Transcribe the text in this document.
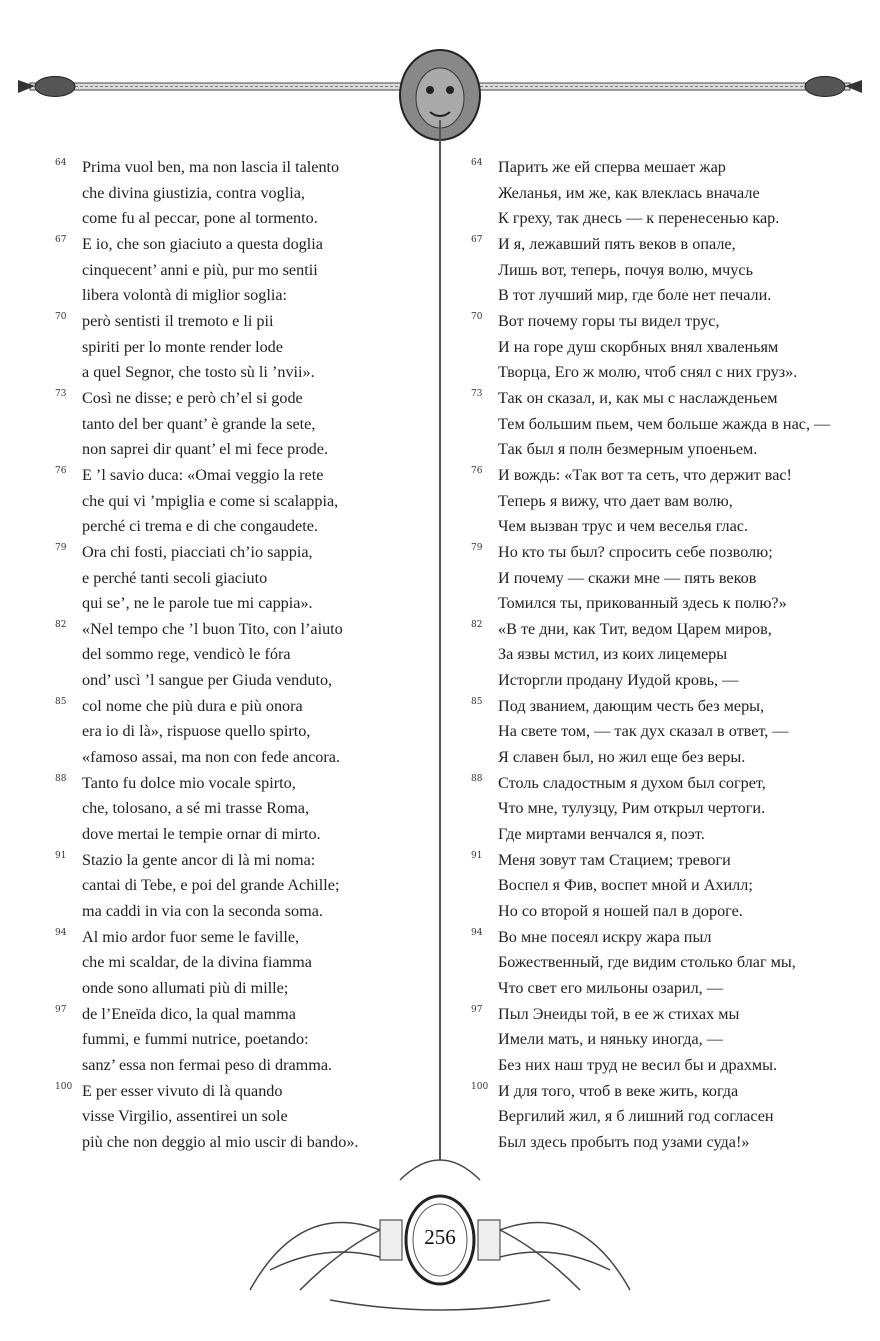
64 Prima vuol ben, ma non lascia il talento
che divina giustizia, contra voglia,
come fu al peccar, pone al tormento.
67 E io, che son giaciuto a questa doglia
cinquecent’ anni e più, pur mo sentii
libera volontà di miglior soglia:
70 però sentisti il tremoto e li pii
spiriti per lo monte render lode
a quel Segnor, che tosto sù li ’nvii».
73 Così ne disse; e però ch’el si gode
tanto del ber quant’ è grande la sete,
non saprei dir quant’ el mi fece prode.
76 E ’l savio duca: «Omai veggio la rete
che qui vi ’mpiglia e come si scalappia,
perché ci trema e di che congaudete.
79 Ora chi fosti, piacciati ch’io sappia,
e perché tanti secoli giaciuto
qui se’, ne le parole tue mi cappia».
82 «Nel tempo che ’l buon Tito, con l’aiuto
del sommo rege, vendicò le fóra
ond’ uscì ’l sangue per Giuda venduto,
85 col nome che più dura e più onora
era io di là», rispuose quello spirto,
«famoso assai, ma non con fede ancora.
88 Tanto fu dolce mio vocale spirto,
che, tolosano, a sé mi trasse Roma,
dove mertai le tempie ornar di mirto.
91 Stazio la gente ancor di là mi noma:
cantai di Tebe, e poi del grande Achille;
ma caddi in via con la seconda soma.
94 Al mio ardor fuor seme le faville,
che mi scaldar, de la divina fiamma
onde sono allumati più di mille;
97 de l’Eneïda dico, la qual mamma
fummi, e fummi nutrice, poetando:
sanz’ essa non fermai peso di dramma.
100 E per esser vivuto di là quando
visse Virgilio, assentirei un sole
più che non deggio al mio uscir di bando».
64 Парить же ей сперва мешает жар
Желанья, им же, как влеклась вначале
К греху, так днесь — к перенесенью кар.
67 И я, лежавший пять веков в опале,
Лишь вот, теперь, почуя волю, мчусь
В тот лучший мир, где боле нет печали.
70 Вот почему горы ты видел трус,
И на горе душ скорбных внял хваленьям
Творца, Его ж молю, чтоб снял с них груз».
73 Так он сказал, и, как мы с наслажденьем
Тем большим пьем, чем больше жажда в нас, —
Так был я полн безмерным упоеньем.
76 И вождь: «Так вот та сеть, что держит вас!
Теперь я вижу, что дает вам волю,
Чем вызван трус и чем веселья глас.
79 Но кто ты был? спросить себе позволю;
И почему — скажи мне — пять веков
Томился ты, прикованный здесь к полю?»
82 «В те дни, как Тит, ведом Царем миров,
За язвы мстил, из коих лицемеры
Исторгли продану Иудой кровь, —
85 Под званием, дающим честь без меры,
На свете том, — так дух сказал в ответ, —
Я славен был, но жил еще без веры.
88 Столь сладостным я духом был согрет,
Что мне, тулузцу, Рим открыл чертоги.
Где миртами венчался я, поэт.
91 Меня зовут там Стацием; тревоги
Воспел я Фив, воспет мной и Ахилл;
Но со второй я ношей пал в дороге.
94 Во мне посеял искру жара пыл
Божественный, где видим столько благ мы,
Что свет его мильоны озарил, —
97 Пыл Энеиды той, в ее ж стихах мы
Имели мать, и няньку иногда, —
Без них наш труд не весил бы и драхмы.
100 И для того, чтоб в веке жить, когда
Вергилий жил, я б лишний год согласен
Был здесь пробыть под узами суда!»
256
